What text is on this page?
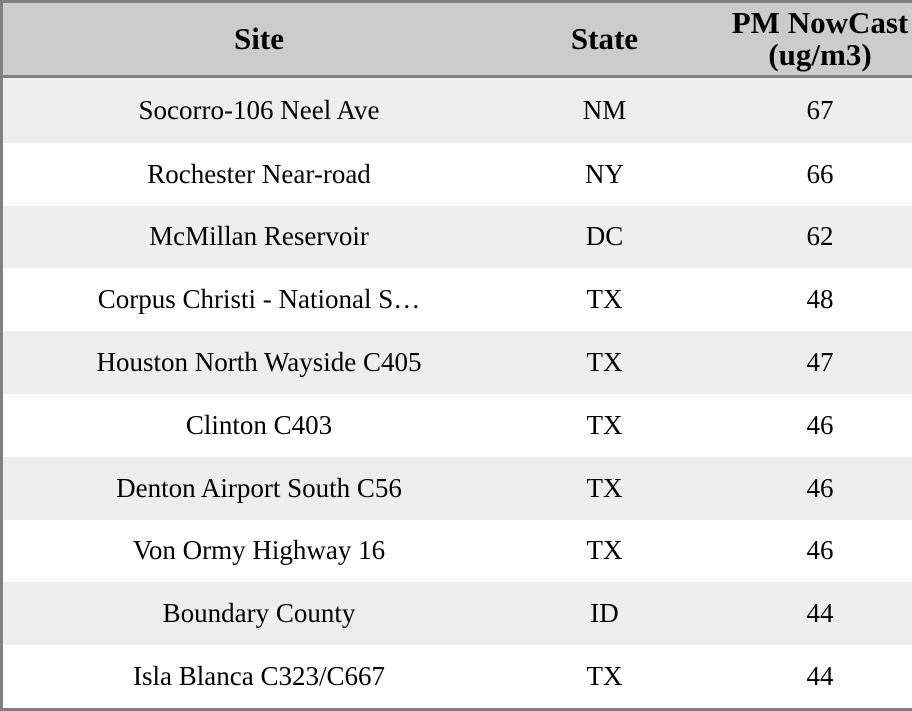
Site	State	PM NowCast (ug/m3)
Socorro-106 Neel Ave	NM	67
Rochester Near-road	NY	66
McMillan Reservoir	DC	62
Corpus Christi - National S…	TX	48
Houston North Wayside C405	TX	47
Clinton C403	TX	46
Denton Airport South C56	TX	46
Von Ormy Highway 16	TX	46
Boundary County	ID	44
Isla Blanca C323/C667	TX	44
